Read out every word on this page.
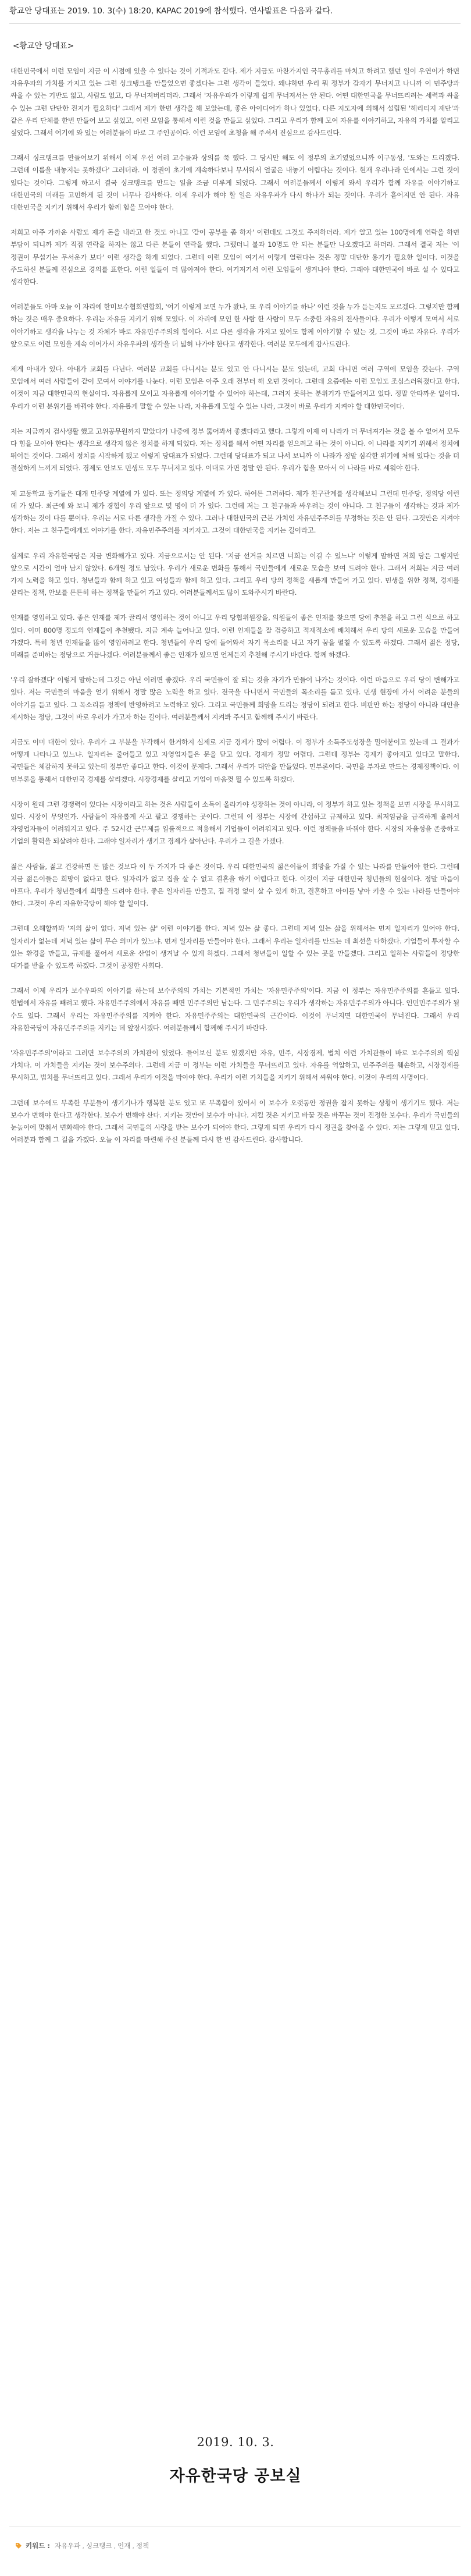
황교안 당대표는 2019. 10. 3(수) 18:20, KAPAC 2019에 참석했다. 연사발표은 다음과 같다.
<황교안 당대표>

대한민국에서 이런 모임이 지금 이 시점에 있을 수 있다는 것이 기적과도 같다. 제가 지금도 마찬가지인 국무총리를 마치고 하려고 했던 일이 우연이가 하면 자유우파의 가치를 가지고 있는 그런 싱크탱크를 만들었으면 좋겠다는 그런 생각이 들었다. 왜냐하면 우리 뭐 정부가 갑자기 무너지고 나니까 이 민주당과 싸울 수 있는 기반도 없고, 사람도 없고, 다 무너져버리더라. 그래서 '자유우파가 이렇게 쉽게 무너져서는 안 된다. 어떤 대한민국을 무너뜨리려는 세력과 싸울 수 있는 그런 단단한 진지가 필요하다' 그래서 제가 한번 생각을 해 보았는데, 좋은 아이디어가 하나 있었다. 다른 지도자에 의해서 설립된 '헤리티지 재단'과 같은 우리 단체를 한번 만들어 보고 싶었고, 이런 모임을 통해서 이런 것을 만들고 싶었다. 그리고 우리가 함께 모여 자유를 이야기하고, 자유의 가치를 알리고 싶었다. 그래서 여기에 와 있는 여러분들이 바로 그 주인공이다. 이런 모임에 초청을 해 주셔서 진심으로 감사드린다.

그래서 싱크탱크를 만들어보기 위해서 이제 우선 여러 교수들과 상의를 쭉 했다. 그 당시만 해도 이 정부의 초기였었으니까 이구동성, '도와는 드리겠다. 그런데 이름을 내놓지는 못하겠다' 그러더라. 이 정권이 초기에 계속하다보니 무서워서 얼굴은 내놓기 어렵다는 것이다. 현재 우리나라 안에서는 그런 것이 있다는 것이다. 그렇게 하고서 결국 싱크탱크를 만드는 일을 조금 미루게 되었다. 그래서 여러분들께서 이렇게 와서 우리가 함께 자유를 이야기하고 대한민국의 미래를 고민하게 된 것이 너무나 감사하다. 이제 우리가 해야 할 일은 자유우파가 다시 하나가 되는 것이다. 우리가 흩어지면 안 된다. 자유 대한민국을 지키기 위해서 우리가 함께 힘을 모아야 한다.

저희고 아주 가까운 사람도 제가 돈을 내라고 한 것도 아니고 '같이 공부를 좀 하자' 이런데도 그것도 주저하더라. 제가 알고 있는 100명에게 연락을 하면 부담이 되니까 제가 직접 연락을 하지는 않고 다른 분들이 연락을 했다. 그랬더니 불과 10명도 안 되는 분들만 나오겠다고 하더라. 그래서 결국 저는 '이 정권이 무섭기는 무서운가 보다' 이런 생각을 하게 되었다. 그런데 이런 모임이 여기서 이렇게 열린다는 것은 정말 대단한 용기가 필요한 일이다. 이것을 주도하신 분들께 진심으로 경의를 표한다. 이런 일들이 더 많아져야 한다. 여기저기서 이런 모임들이 생겨나야 한다. 그래야 대한민국이 바로 설 수 있다고 생각한다.

여러분들도 아마 오늘 이 자리에 한미보수협회연합회, '여기 이렇게 보면 누가 왔나, 또 우리 이야기를 하나' 이런 것을 누가 듣는지도 모르겠다. 그렇지만 함께 하는 것은 매우 중요하다. 우리는 자유를 지키기 위해 모였다. 이 자리에 모인 한 사람 한 사람이 모두 소중한 자유의 전사들이다. 우리가 이렇게 모여서 서로 이야기하고 생각을 나누는 것 자체가 바로 자유민주주의의 힘이다. 서로 다른 생각을 가지고 있어도 함께 이야기할 수 있는 것, 그것이 바로 자유다. 우리가 앞으로도 이런 모임을 계속 이어가서 자유우파의 생각을 더 넓혀 나가야 한다고 생각한다. 여러분 모두에게 감사드린다.

제게 아내가 있다. 아내가 교회를 다닌다. 여러분 교회를 다니시는 분도 있고 안 다니시는 분도 있는데, 교회 다니면 여러 구역에 모임을 갖는다. 구역 모임에서 여러 사람들이 같이 모여서 이야기를 나눈다. 이런 모임은 아주 오래 전부터 해 오던 것이다. 그런데 요즘에는 이런 모임도 조심스러워졌다고 한다. 이것이 지금 대한민국의 현실이다. 자유롭게 모이고 자유롭게 이야기할 수 있어야 하는데, 그러지 못하는 분위기가 만들어지고 있다. 정말 안타까운 일이다. 우리가 이런 분위기를 바꿔야 한다. 자유롭게 말할 수 있는 나라, 자유롭게 모일 수 있는 나라, 그것이 바로 우리가 지켜야 할 대한민국이다.

저는 지금까지 검사생활 했고 고위공무원까지 맡았다가 나중에 정부 뚫어봐서 좋겠다라고 했다. 그렇게 이제 이 나라가 더 무너져가는 것을 볼 수 없어서 모두 다 힘을 모아야 한다는 생각으로 생각지 않은 정치를 하게 되었다. 저는 정치를 해서 어떤 자리를 얻으려고 하는 것이 아니다. 이 나라를 지키기 위해서 정치에 뛰어든 것이다. 그래서 정치를 시작하게 됐고 이렇게 당대표가 되었다. 그런데 당대표가 되고 나서 보니까 이 나라가 정말 심각한 위기에 처해 있다는 것을 더 절실하게 느끼게 되었다. 경제도 안보도 민생도 모두 무너지고 있다. 이대로 가면 정말 안 된다. 우리가 힘을 모아서 이 나라를 바로 세워야 한다.

제 교동학교 동기들은 대개 민주당 계열에 가 있다. 또는 정의당 계열에 가 있다. 하여튼 그러하다. 제가 친구관계를 생각해보니 그런데 민주당, 정의당 이런 데 가 있다. 최근에 와 보니 제가 경험이 우리 앞으로 몇 명이 더 가 있다. 그런데 저는 그 친구들과 싸우려는 것이 아니다. 그 친구들이 생각하는 것과 제가 생각하는 것이 다를 뿐이다. 우리는 서로 다른 생각을 가질 수 있다. 그러나 대한민국의 근본 가치인 자유민주주의를 부정하는 것은 안 된다. 그것만은 지켜야 한다. 저는 그 친구들에게도 이야기를 한다. 자유민주주의를 지키자고. 그것이 대한민국을 지키는 길이라고.

실제로 우리 자유한국당은 지금 변화해가고 있다. 지금으로서는 안 된다. '지금 선거를 치르면 너희는 이길 수 있느냐' 이렇게 말하면 저희 당은 그렇지만 앞으로 시간이 얼마 남지 않았다. 6개월 정도 남았다. 우리가 새로운 변화를 통해서 국민들에게 새로운 모습을 보여 드려야 한다. 그래서 저희는 지금 여러 가지 노력을 하고 있다. 청년들과 함께 하고 있고 여성들과 함께 하고 있다. 그리고 우리 당의 정책을 새롭게 만들어 가고 있다. 민생을 위한 정책, 경제를 살리는 정책, 안보를 튼튼히 하는 정책을 만들어 가고 있다. 여러분들께서도 많이 도와주시기 바란다.

인재를 영입하고 있다. 좋은 인재를 제가 끌리서 영입하는 것이 아니고 우리 당협위원장을, 의원들이 좋은 인재를 찾으면 당에 추천을 하고 그런 식으로 하고 있다. 이미 800명 정도의 인재들이 추천됐다. 지금 계속 늘어나고 있다. 이런 인재들을 잘 검증하고 적재적소에 배치해서 우리 당의 새로운 모습을 만들어 가겠다. 특히 청년 인재들을 많이 영입하려고 한다. 청년들이 우리 당에 들어와서 자기 목소리를 내고 자기 꿈을 펼칠 수 있도록 하겠다. 그래서 젊은 정당, 미래를 준비하는 정당으로 거듭나겠다. 여러분들께서 좋은 인재가 있으면 언제든지 추천해 주시기 바란다. 함께 하겠다.

'우리 잘하겠다' 이렇게 말하는데 그것은 아닌 이러면 좋겠다. 우리 국민들이 잘 되는 것을 자기가 만들어 나가는 것이다. 이런 마음으로 우리 당이 변해가고 있다. 저는 국민들의 마음을 얻기 위해서 정말 많은 노력을 하고 있다. 전국을 다니면서 국민들의 목소리를 듣고 있다. 민생 현장에 가서 어려운 분들의 이야기를 듣고 있다. 그 목소리를 정책에 반영하려고 노력하고 있다. 그리고 국민들께 희망을 드리는 정당이 되려고 한다. 비판만 하는 정당이 아니라 대안을 제시하는 정당, 그것이 바로 우리가 가고자 하는 길이다. 여러분들께서 지켜봐 주시고 함께해 주시기 바란다.

지금도 이미 대한이 있다. 우리가 그 부분을 부각해서 한거하지 실제로 지금 경제가 많이 어렵다. 이 정부가 소득주도성장을 밀어붙이고 있는데 그 결과가 어떻게 나타나고 있느냐. 일자리는 줄어들고 있고 자영업자들은 문을 닫고 있다. 경제가 정말 어렵다. 그런데 정부는 경제가 좋아지고 있다고 말한다. 국민들은 체감하지 못하고 있는데 정부만 좋다고 한다. 이것이 문제다. 그래서 우리가 대안을 만들었다. 민부론이다. 국민을 부자로 만드는 경제정책이다. 이 민부론을 통해서 대한민국 경제를 살리겠다. 시장경제를 살리고 기업이 마음껏 뛸 수 있도록 하겠다.

시장이 원래 그런 경쟁력이 있다는 시장이라고 하는 것은 사람들이 소득이 올라가야 성장하는 것이 아니라, 이 정부가 하고 있는 정책을 보면 시장을 무시하고 있다. 시장이 무엇인가. 사람들이 자유롭게 사고 팔고 경쟁하는 곳이다. 그런데 이 정부는 시장에 간섭하고 규제하고 있다. 최저임금을 급격하게 올려서 자영업자들이 어려워지고 있다. 주 52시간 근무제를 일률적으로 적용해서 기업들이 어려워지고 있다. 이런 정책들을 바꿔야 한다. 시장의 자율성을 존중하고 기업의 활력을 되살려야 한다. 그래야 일자리가 생기고 경제가 살아난다. 우리가 그 길을 가겠다.

젊은 사람들, 젊고 건강하면 돈 많은 것보다 이 두 가지가 다 좋은 것이다. 우리 대한민국의 젊은이들이 희망을 가질 수 있는 나라를 만들어야 한다. 그런데 지금 젊은이들은 희망이 없다고 한다. 일자리가 없고 집을 살 수 없고 결혼을 하기 어렵다고 한다. 이것이 지금 대한민국 청년들의 현실이다. 정말 마음이 아프다. 우리가 청년들에게 희망을 드려야 한다. 좋은 일자리를 만들고, 집 걱정 없이 살 수 있게 하고, 결혼하고 아이를 낳아 키울 수 있는 나라를 만들어야 한다. 그것이 우리 자유한국당이 해야 할 일이다.

그런데 오해할까봐 '저의 삶이 없다. 저녁 있는 삶' 이런 이야기를 한다. 저녁 있는 삶 좋다. 그런데 저녁 있는 삶을 위해서는 먼저 일자리가 있어야 한다. 일자리가 없는데 저녁 있는 삶이 무슨 의미가 있느냐. 먼저 일자리를 만들어야 한다. 그래서 우리는 일자리를 만드는 데 최선을 다하겠다. 기업들이 투자할 수 있는 환경을 만들고, 규제를 풀어서 새로운 산업이 생겨날 수 있게 하겠다. 그래서 청년들이 일할 수 있는 곳을 만들겠다. 그리고 일하는 사람들이 정당한 대가를 받을 수 있도록 하겠다. 그것이 공정한 사회다.

그래서 이제 우리가 보수우파의 이야기를 하는데 보수주의의 가치는 기본적인 가치는 '자유민주주의'이다. 지금 이 정부는 자유민주주의를 흔들고 있다. 헌법에서 자유를 빼려고 했다. 자유민주주의에서 자유를 빼면 민주주의만 남는다. 그 민주주의는 우리가 생각하는 자유민주주의가 아니다. 인민민주주의가 될 수도 있다. 그래서 우리는 자유민주주의를 지켜야 한다. 자유민주주의는 대한민국의 근간이다. 이것이 무너지면 대한민국이 무너진다. 그래서 우리 자유한국당이 자유민주주의를 지키는 데 앞장서겠다. 여러분들께서 함께해 주시기 바란다.

'자유민주주의'이라고 그러면 보수주의의 가치관이 있었다. 들어보신 분도 있겠지만 자유, 민주, 시장경제, 법치 이런 가치관들이 바로 보수주의의 핵심 가치다. 이 가치들을 지키는 것이 보수주의다. 그런데 지금 이 정부는 이런 가치들을 무너뜨리고 있다. 자유를 억압하고, 민주주의를 훼손하고, 시장경제를 무시하고, 법치를 무너뜨리고 있다. 그래서 우리가 이것을 막아야 한다. 우리가 이런 가치들을 지키기 위해서 싸워야 한다. 이것이 우리의 사명이다.

그런데 보수에도 부족한 부분들이 생기기나가 행복한 분도 있고 또 부족함이 있어서 이 보수가 오랫동안 정권을 잡지 못하는 상황이 생기기도 했다. 저는 보수가 변해야 한다고 생각한다. 보수가 변해야 산다. 지키는 것만이 보수가 아니다. 지킬 것은 지키고 바꿀 것은 바꾸는 것이 진정한 보수다. 우리가 국민들의 눈높이에 맞춰서 변화해야 한다. 그래서 국민들의 사랑을 받는 보수가 되어야 한다. 그렇게 되면 우리가 다시 정권을 찾아올 수 있다. 저는 그렇게 믿고 있다. 여러분과 함께 그 길을 가겠다. 오늘 이 자리를 마련해 주신 분들께 다시 한 번 감사드린다. 감사합니다.

2019. 10. 3.
자유한국당 공보실
키워드 : 자유우파 , 싱크탱크 , 인재 , 정책
